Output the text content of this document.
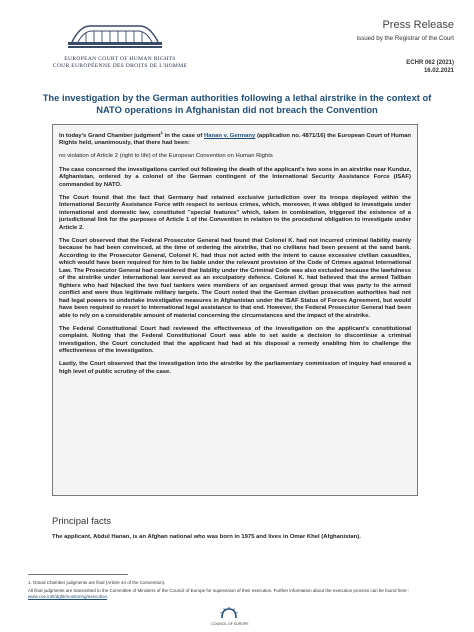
EUROPEAN COURT OF HUMAN RIGHTS
COUR EUROPÉENNE DES DROITS DE L'HOMME
Press Release
issued by the Registrar of the Court
ECHR 062 (2021)
16.02.2021
The investigation by the German authorities following a lethal airstrike in the context of NATO operations in Afghanistan did not breach the Convention

In today's Grand Chamber judgment$^1$ in the case of Hanan v. Germany (application no. 4871/16) the European Court of Human Rights held, unanimously, that there had been:

no violation of Article 2 (right to life) of the European Convention on Human Rights

The case concerned the investigations carried out following the death of the applicant's two sons in an airstrike near Kunduz, Afghanistan, ordered by a colonel of the German contingent of the International Security Assistance Force (ISAF) commanded by NATO.

The Court found that the fact that Germany had retained exclusive jurisdiction over its troops deployed within the International Security Assistance Force with respect to serious crimes, which, moreover, it was obliged to investigate under international and domestic law, constituted "special features" which, taken in combination, triggered the existence of a jurisdictional link for the purposes of Article 1 of the Convention in relation to the procedural obligation to investigate under Article 2.

The Court observed that the Federal Prosecutor General had found that Colonel K. had not incurred criminal liability mainly because he had been convinced, at the time of ordering the airstrike, that no civilians had been present at the sand bank. According to the Prosecutor General, Colonel K. had thus not acted with the intent to cause excessive civilian casualties, which would have been required for him to be liable under the relevant provision of the Code of Crimes against International Law. The Prosecutor General had considered that liability under the Criminal Code was also excluded because the lawfulness of the airstrike under international law served as an exculpatory defence. Colonel K. had believed that the armed Taliban fighters who had hijacked the two fuel tankers were members of an organised armed group that was party to the armed conflict and were thus legitimate military targets. The Court noted that the German civilian prosecution authorities had not had legal powers to undertake investigative measures in Afghanistan under the ISAF Status of Forces Agreement, but would have been required to resort to international legal assistance to that end. However, the Federal Prosecutor General had been able to rely on a considerable amount of material concerning the circumstances and the impact of the airstrike.

The Federal Constitutional Court had reviewed the effectiveness of the investigation on the applicant's constitutional complaint. Noting that the Federal Constitutional Court was able to set aside a decision to discontinue a criminal investigation, the Court concluded that the applicant had had at his disposal a remedy enabling him to challenge the effectiveness of the investigation.

Lastly, the Court observed that the investigation into the airstrike by the parliamentary commission of inquiry had ensured a high level of public scrutiny of the case.

Principal facts
The applicant, Abdul Hanan, is an Afghan national who was born in 1975 and lives in Omar Khel (Afghanistan).

1. Grand Chamber judgments are final (Article 44 of the Convention).

All final judgments are transmitted to the Committee of Ministers of the Council of Europe for supervision of their execution. Further information about the execution process can be found here : www.coe.int/t/dghl/monitoring/execution.

COUNCIL OF EUROPE
